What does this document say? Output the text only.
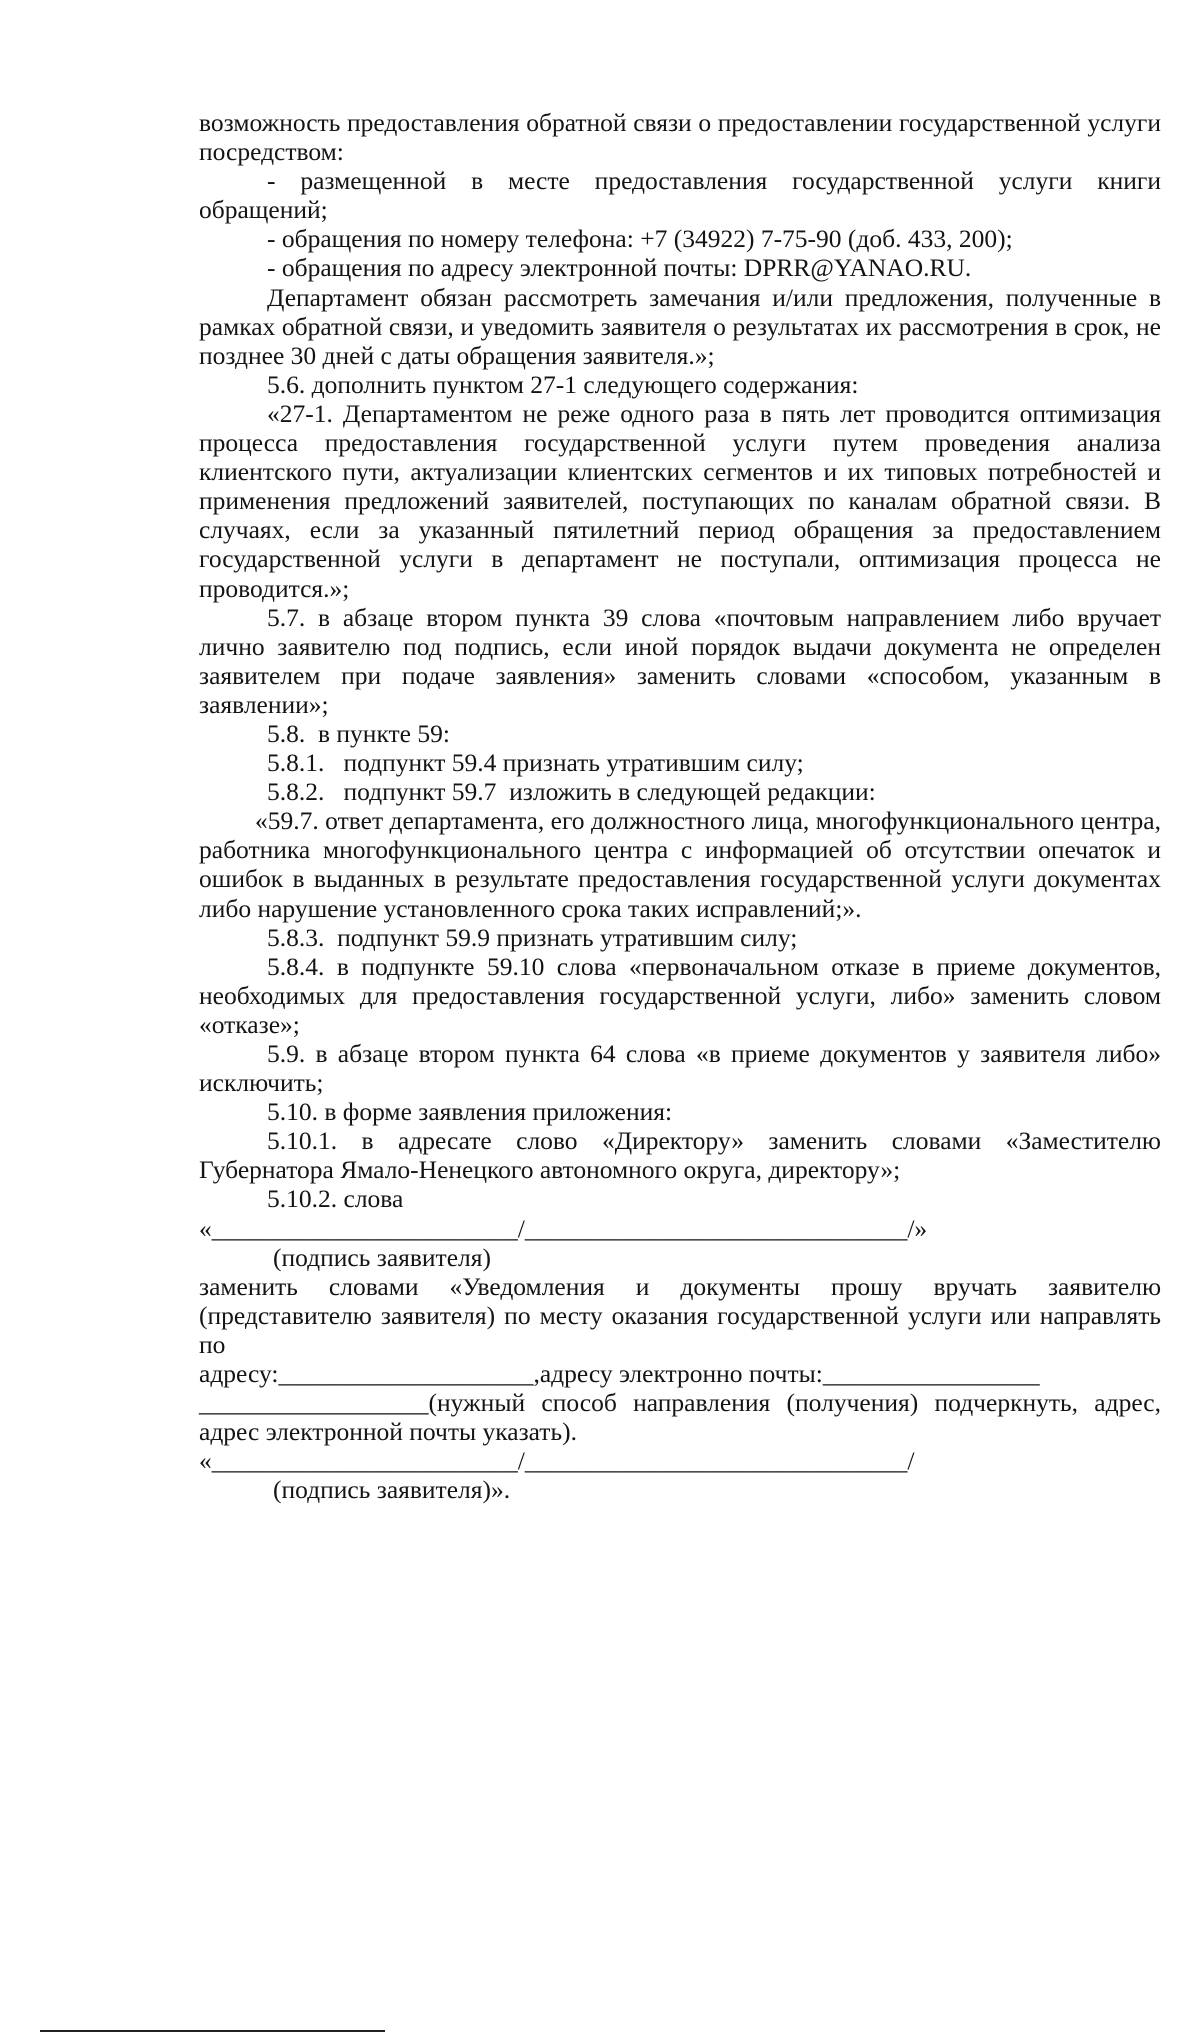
возможность предоставления обратной связи о предоставлении государственной услуги посредством:

- размещенной в месте предоставления государственной услуги книги обращений;

- обращения по номеру телефона: +7 (34922) 7-75-90 (доб. 433, 200);

- обращения по адресу электронной почты: DPRR@YANAO.RU.

Департамент обязан рассмотреть замечания и/или предложения, полученные в рамках обратной связи, и уведомить заявителя о результатах их рассмотрения в срок, не позднее 30 дней с даты обращения заявителя.»;

5.6. дополнить пунктом 27-1 следующего содержания:

«27-1. Департаментом не реже одного раза в пять лет проводится оптимизация процесса предоставления государственной услуги путем проведения анализа клиентского пути, актуализации клиентских сегментов и их типовых потребностей и применения предложений заявителей, поступающих по каналам обратной связи. В случаях, если за указанный пятилетний период обращения за предоставлением государственной услуги в департамент не поступали, оптимизация процесса не проводится.»;

5.7. в абзаце втором пункта 39 слова «почтовым направлением либо вручает лично заявителю под подпись, если иной порядок выдачи документа не определен заявителем при подаче заявления» заменить словами «способом, указанным в заявлении»;

5.8.  в пункте 59:

5.8.1.   подпункт 59.4 признать утратившим силу;

5.8.2.   подпункт 59.7  изложить в следующей редакции:

«59.7. ответ департамента, его должностного лица, многофункционального центра, работника многофункционального центра с информацией об отсутствии опечаток и ошибок в выданных в результате предоставления государственной услуги документах либо нарушение установленного срока таких исправлений;».

5.8.3.  подпункт 59.9 признать утратившим силу;

5.8.4. в подпункте 59.10 слова «первоначальном отказе в приеме документов, необходимых для предоставления государственной услуги, либо» заменить словом «отказе»;

5.9. в абзаце втором пункта 64 слова «в приеме документов у заявителя либо» исключить;

5.10. в форме заявления приложения:

5.10.1. в адресате слово «Директору» заменить словами «Заместителю Губернатора Ямало-Ненецкого автономного округа, директору»;

5.10.2. слова

«________________________/______________________________/»

(подпись заявителя)

заменить словами «Уведомления и документы прошу вручать заявителю (представителю заявителя) по месту оказания государственной услуги или направлять по

адресу:____________________,адресу электронно почты:_________________

__________________(нужный способ направления (получения) подчеркнуть, адрес, адрес электронной почты указать).

«________________________/______________________________/

(подпись заявителя)».
